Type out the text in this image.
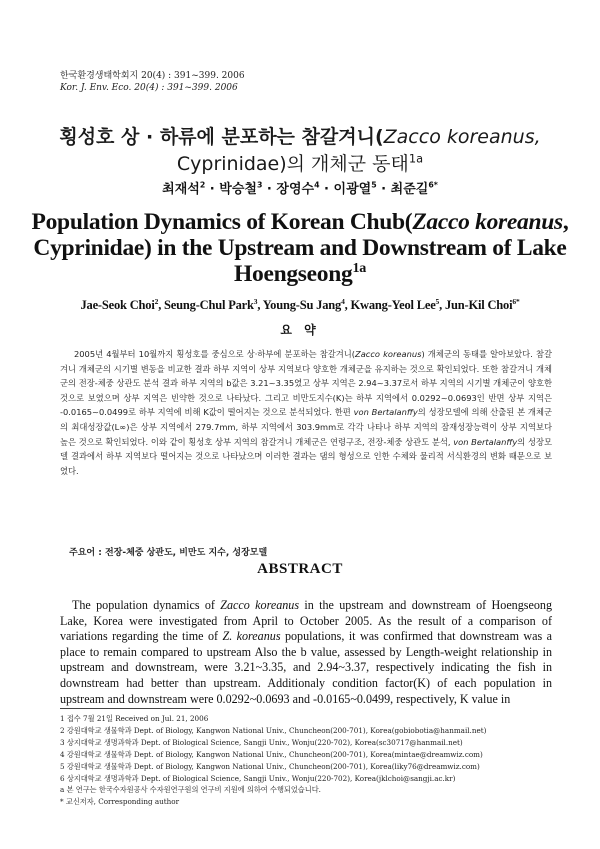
한국환경생태학회지 20(4) : 391~399. 2006
Kor. J. Env. Eco. 20(4) : 391~399. 2006
횡성호 상 · 하류에 분포하는 참갈겨니(Zacco koreanus,
Cyprinidae)의 개체군 동태$^{1a}$
최재석$^2$ · 박승철$^3$ · 장영수$^4$ · 이광열$^5$ · 최준길$^{6*}$
Population Dynamics of Korean Chub(Zacco koreanus,
Cyprinidae) in the Upstream and Downstream of Lake
Hoengseong$^{1a}$
Jae-Seok Choi$^2$, Seung-Chul Park$^3$, Young-Su Jang$^4$, Kwang-Yeol Lee$^5$, Jun-Kil Choi$^{6*}$
요 약

2005년 4월부터 10월까지 횡성호를 중심으로 상·하부에 분포하는 참갈겨니(Zacco koreanus) 개체군의 동태를 알아보았다. 참갈겨니 개체군의 시기별 변동을 비교한 결과 하부 지역이 상부 지역보다 양호한 개체군을 유지하는 것으로 확인되었다. 또한 참갈겨니 개체군의 전장-체중 상관도 분석 결과 하부 지역의 b값은 3.21~3.35였고 상부 지역은 2.94~3.37로서 하부 지역의 시기별 개체군이 양호한 것으로 보였으며 상부 지역은 빈약한 것으로 나타났다. 그리고 비만도지수(K)는 하부 지역에서 0.0292~0.0693인 반면 상부 지역은 -0.0165~0.0499로 하부 지역에 비해 K값이 떨어지는 것으로 분석되었다. 한편 von Bertalanffy의 성장모델에 의해 산출된 본 개체군의 최대성장값(L∞)은 상부 지역에서 279.7mm, 하부 지역에서 303.9mm로 각각 나타나 하부 지역의 잠재성장능력이 상부 지역보다 높은 것으로 확인되었다. 이와 같이 횡성호 상부 지역의 참갈겨니 개체군은 연령구조, 전장-체중 상관도 분석, von Bertalanffy의 성장모델 결과에서 하부 지역보다 떨어지는 것으로 나타났으며 이러한 결과는 댐의 형성으로 인한 수체와 물리적 서식환경의 변화 때문으로 보였다.

주요어 : 전장-체중 상관도, 비만도 지수, 성장모델
ABSTRACT

The population dynamics of Zacco koreanus in the upstream and downstream of Hoengseong Lake, Korea were investigated from April to October 2005. As the result of a comparison of variations regarding the time of Z. koreanus populations, it was confirmed that downstream was a place to remain compared to upstream Also the b value, assessed by Length-weight relationship in upstream and downstream, were 3.21~3.35, and 2.94~3.37, respectively indicating the fish in downstream had better than upstream. Additionaly condition factor(K) of each population in upstream and downstream were 0.0292~0.0693 and -0.0165~0.0499, respectively, K value in

1 접수 7월 21일 Received on Jul. 21, 2006
2 강원대학교 생물학과 Dept. of Biology, Kangwon National Univ., Chuncheon(200-701), Korea(gobiobotia@hanmail.net)
3 상지대학교 생명과학과 Dept. of Biological Science, Sangji Univ., Wonju(220-702), Korea(sc30717@hanmail.net)
4 강원대학교 생물학과 Dept. of Biology, Kangwon National Univ., Chuncheon(200-701), Korea(mintae@dreamwiz.com)
5 강원대학교 생물학과 Dept. of Biology, Kangwon National Univ., Chuncheon(200-701), Korea(liky76@dreamwiz.com)
6 상지대학교 생명과학과 Dept. of Biological Science, Sangji Univ., Wonju(220-702), Korea(jklchoi@sangji.ac.kr)
a 본 연구는 한국수자원공사 수자원연구원의 연구비 지원에 의하여 수행되었습니다.
* 교신저자, Corresponding author
